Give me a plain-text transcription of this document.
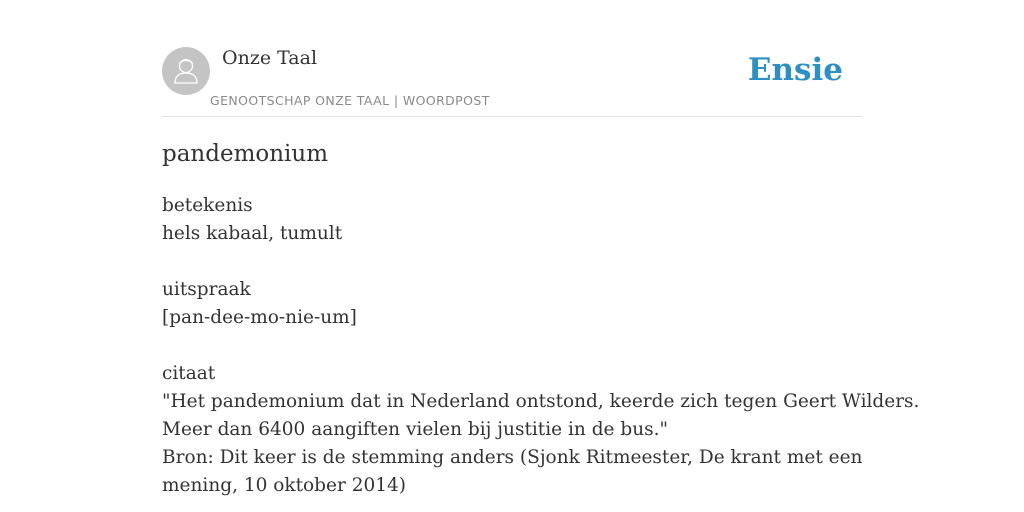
Onze Taal
GENOOTSCHAP ONZE TAAL | WOORDPOST
Ensie
pandemonium
betekenis
hels kabaal, tumult
uitspraak
[pan-dee-mo-nie-um]
citaat
"Het pandemonium dat in Nederland ontstond, keerde zich tegen Geert Wilders.
Meer dan 6400 aangiften vielen bij justitie in de bus."
Bron: Dit keer is de stemming anders (Sjonk Ritmeester, De krant met een
mening, 10 oktober 2014)
